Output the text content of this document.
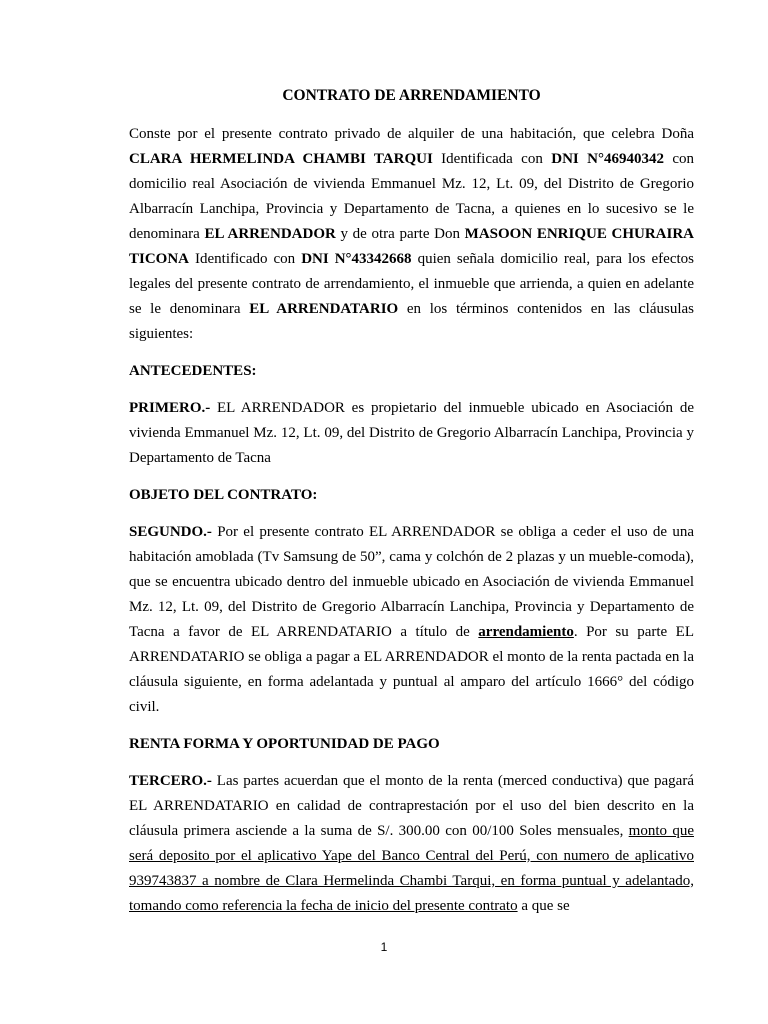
CONTRATO DE ARRENDAMIENTO

Conste por el presente contrato privado de alquiler de una habitación, que celebra Doña CLARA HERMELINDA CHAMBI TARQUI Identificada con DNI N°46940342 con domicilio real Asociación de vivienda Emmanuel Mz. 12, Lt. 09, del Distrito de Gregorio Albarracín Lanchipa, Provincia y Departamento de Tacna, a quienes en lo sucesivo se le denominara EL ARRENDADOR y de otra parte Don MASOON ENRIQUE CHURAIRA TICONA Identificado con DNI N°43342668 quien señala domicilio real, para los efectos legales del presente contrato de arrendamiento, el inmueble que arrienda, a quien en adelante se le denominara EL ARRENDATARIO en los términos contenidos en las cláusulas siguientes:

ANTECEDENTES:

PRIMERO.- EL ARRENDADOR es propietario del inmueble ubicado en Asociación de vivienda Emmanuel Mz. 12, Lt. 09, del Distrito de Gregorio Albarracín Lanchipa, Provincia y Departamento de Tacna

OBJETO DEL CONTRATO:

SEGUNDO.- Por el presente contrato EL ARRENDADOR se obliga a ceder el uso de una habitación amoblada (Tv Samsung de 50”, cama y colchón de 2 plazas y un mueble-comoda), que se encuentra ubicado dentro del inmueble ubicado en Asociación de vivienda Emmanuel Mz. 12, Lt. 09, del Distrito de Gregorio Albarracín Lanchipa, Provincia y Departamento de Tacna a favor de EL ARRENDATARIO a título de arrendamiento. Por su parte EL ARRENDATARIO se obliga a pagar a EL ARRENDADOR el monto de la renta pactada en la cláusula siguiente, en forma adelantada y puntual al amparo del artículo 1666° del código civil.

RENTA FORMA Y OPORTUNIDAD DE PAGO

TERCERO.- Las partes acuerdan que el monto de la renta (merced conductiva) que pagará EL ARRENDATARIO en calidad de contraprestación por el uso del bien descrito en la cláusula primera asciende a la suma de S/. 300.00 con 00/100 Soles mensuales, monto que será deposito por el aplicativo Yape del Banco Central del Perú, con numero de aplicativo 939743837 a nombre de Clara Hermelinda Chambi Tarqui, en forma puntual y adelantado, tomando como referencia la fecha de inicio del presente contrato a que se

1
